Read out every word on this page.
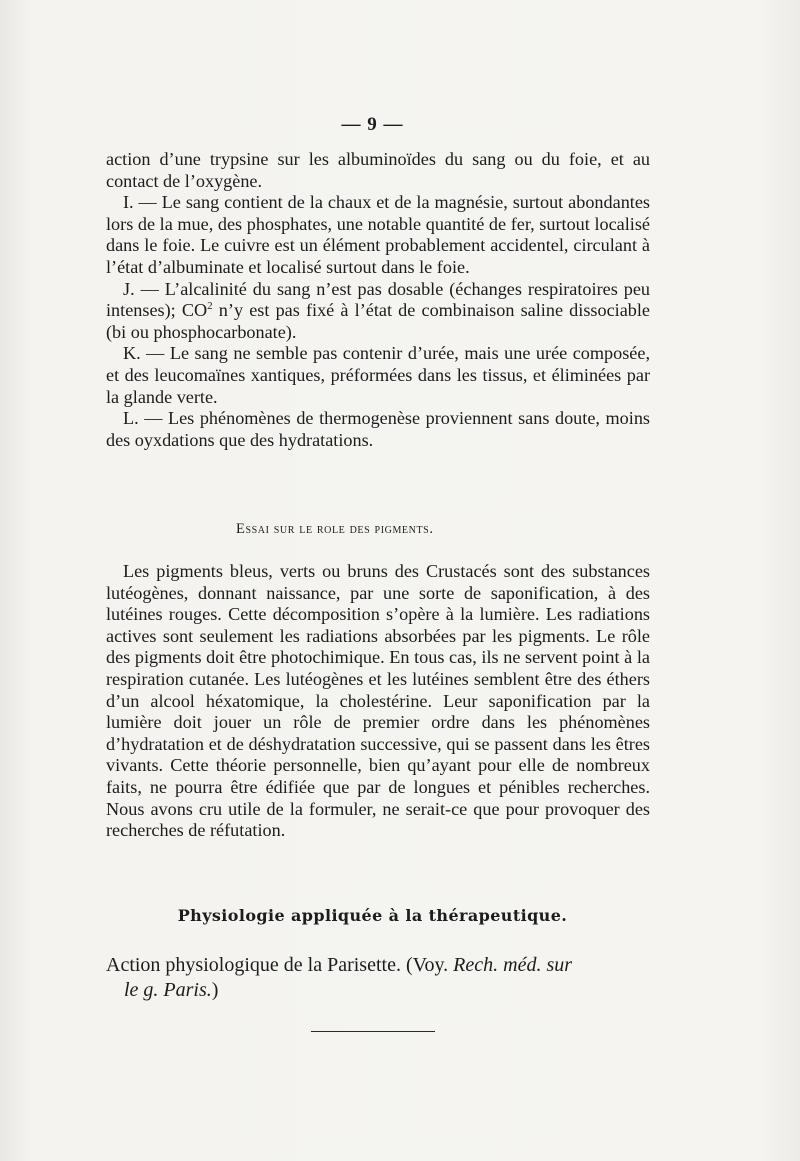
— 9 —

action d’une trypsine sur les albuminoïdes du sang ou du foie, et au contact de l’oxygène.

I. — Le sang contient de la chaux et de la magnésie, surtout abondantes lors de la mue, des phosphates, une notable quantité de fer, surtout localisé dans le foie. Le cuivre est un élément probablement accidentel, circulant à l’état d’albuminate et localisé surtout dans le foie.

J. — L’alcalinité du sang n’est pas dosable (échanges respiratoires peu intenses); $CO^2$ n’y est pas fixé à l’état de combinaison saline dissociable (bi ou phosphocarbonate).

K. — Le sang ne semble pas contenir d’urée, mais une urée composée, et des leucomaïnes xantiques, préformées dans les tissus, et éliminées par la glande verte.

L. — Les phénomènes de thermogenèse proviennent sans doute, moins des oyxdations que des hydratations.

Essai sur le role des pigments.

Les pigments bleus, verts ou bruns des Crustacés sont des substances lutéogènes, donnant naissance, par une sorte de saponification, à des lutéines rouges. Cette décomposition s’opère à la lumière. Les radiations actives sont seulement les radiations absorbées par les pigments. Le rôle des pigments doit être photochimique. En tous cas, ils ne servent point à la respiration cutanée. Les lutéogènes et les lutéines semblent être des éthers d’un alcool héxatomique, la cholestérine. Leur saponification par la lumière doit jouer un rôle de premier ordre dans les phénomènes d’hydratation et de déshydratation successive, qui se passent dans les êtres vivants. Cette théorie personnelle, bien qu’ayant pour elle de nombreux faits, ne pourra être édifiée que par de longues et pénibles recherches. Nous avons cru utile de la formuler, ne serait-ce que pour provoquer des recherches de réfutation.

Physiologie appliquée à la thérapeutique.
Action physiologique de la Parisette. (Voy. Rech. méd. sur
le g. Paris.)
